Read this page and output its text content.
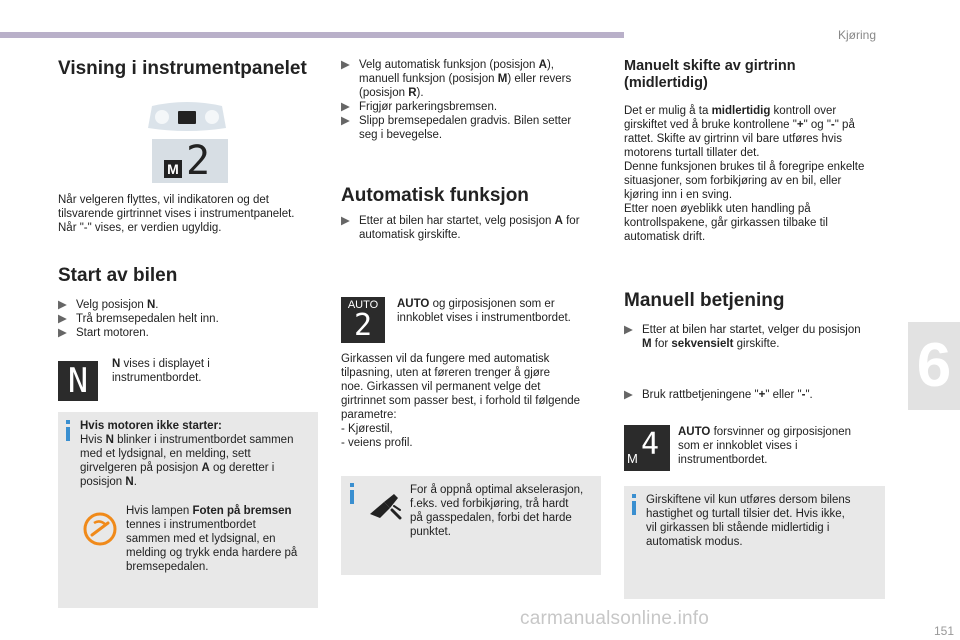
Kjøring
6
151
Visning i instrumentpanelet
M 2
Når velgeren flyttes, vil indikatoren og det
tilsvarende girtrinnet vises i instrumentpanelet.
Når "-" vises, er verdien ugyldig.
Start av bilen
▶ Velg posisjon N.
▶ Trå bremsepedalen helt inn.
▶ Start motoren.
N	N vises i displayet i
instrumentbordet.
Hvis motoren ikke starter:
Hvis N blinker i instrumentbordet sammen
med et lydsignal, en melding, sett
girvelgeren på posisjon A og deretter i
posisjon N.
Hvis lampen Foten på bremsen
tennes i instrumentbordet
sammen med et lydsignal, en
melding og trykk enda hardere på
bremsepedalen.
▶ Velg automatisk funksjon (posisjon A),
manuell funksjon (posisjon M) eller revers
(posisjon R).
▶ Frigjør parkeringsbremsen.
▶ Slipp bremsepedalen gradvis. Bilen setter
seg i bevegelse.
Automatisk funksjon
▶ Etter at bilen har startet, velg posisjon A for
automatisk girskifte.
AUTO
2
AUTO og girposisjonen som er
innkoblet vises i instrumentbordet.
Girkassen vil da fungere med automatisk
tilpasning, uten at føreren trenger å gjøre
noe. Girkassen vil permanent velge det
girtrinnet som passer best, i forhold til følgende
parametre:
- Kjørestil,
- veiens profil.
For å oppnå optimal akselerasjon,
f.eks. ved forbikjøring, trå hardt
på gasspedalen, forbi det harde
punktet.
Manuelt skifte av girtrinn
(midlertidig)
Det er mulig å ta midlertidig kontroll over
girskiftet ved å bruke kontrollene "+" og "-" på
rattet. Skifte av girtrinn vil bare utføres hvis
motorens turtall tillater det.
Denne funksjonen brukes til å foregripe enkelte
situasjoner, som forbikjøring av en bil, eller
kjøring inn i en sving.
Etter noen øyeblikk uten handling på
kontrollspakene, går girkassen tilbake til
automatisk drift.
Manuell betjening
▶ Etter at bilen har startet, velger du posisjon
M for sekvensielt girskifte.
▶ Bruk rattbetjeningene "+" eller "-".
M 4 AUTO forsvinner og girposisjonen
som er innkoblet vises i
instrumentbordet.
Girskiftene vil kun utføres dersom bilens
hastighet og turtall tilsier det. Hvis ikke,
vil girkassen bli stående midlertidig i
automatisk modus.
carmanualsonline.info
